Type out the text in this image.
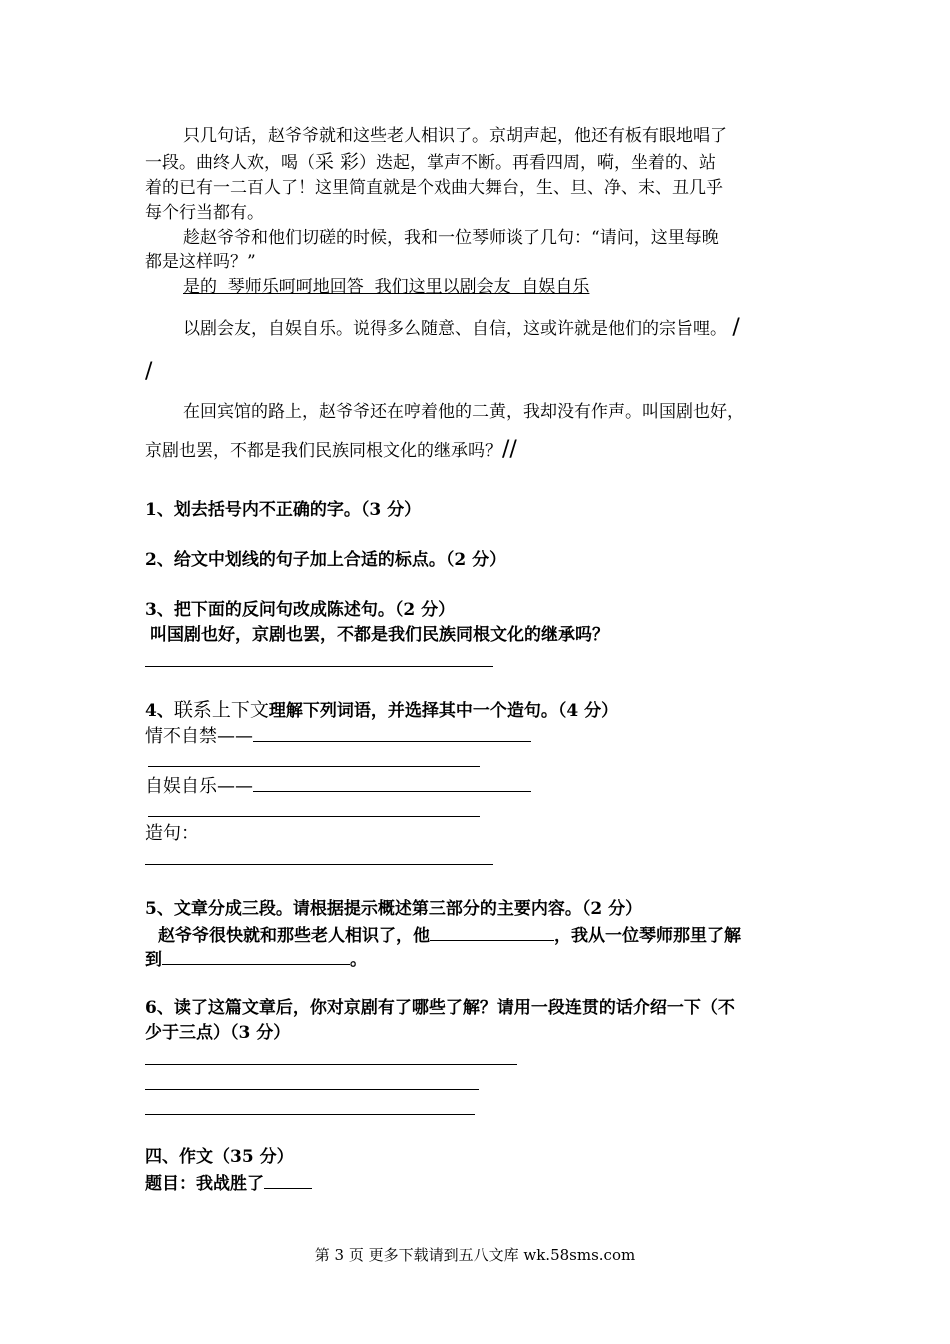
只几句话，赵爷爷就和这些老人相识了。京胡声起，他还有板有眼地唱了
一段。曲终人欢，喝（采 彩）迭起，掌声不断。再看四周，嗬，坐着的、站
着的已有一二百人了！这里简直就是个戏曲大舞台，生、旦、净、末、丑几乎
每个行当都有。
趁赵爷爷和他们切磋的时候，我和一位琴师谈了几句：“请问，这里每晚
都是这样吗？”
是的  琴师乐呵呵地回答  我们这里以剧会友  自娱自乐
以剧会友，自娱自乐。说得多么随意、自信，这或许就是他们的宗旨哩。 /
/
在回宾馆的路上，赵爷爷还在哼着他的二黄，我却没有作声。叫国剧也好，
京剧也罢，不都是我们民族同根文化的继承吗？//
1、划去括号内不正确的字。（3 分）
2、给文中划线的句子加上合适的标点。（2 分）
3、把下面的反问句改成陈述句。（2 分）
叫国剧也好，京剧也罢，不都是我们民族同根文化的继承吗？
4、联系上下文理解下列词语，并选择其中一个造句。（4 分）
情不自禁——
自娱自乐——
造句：
5、文章分成三段。请根据提示概述第三部分的主要内容。（2 分）
赵爷爷很快就和那些老人相识了，他	，我从一位琴师那里了解
到	。
6、读了这篇文章后，你对京剧有了哪些了解？请用一段连贯的话介绍一下（不
少于三点）（3 分）
四、作文（35 分）
题目：我战胜了
第 3 页 更多下载请到五八文库 wk.58sms.com
